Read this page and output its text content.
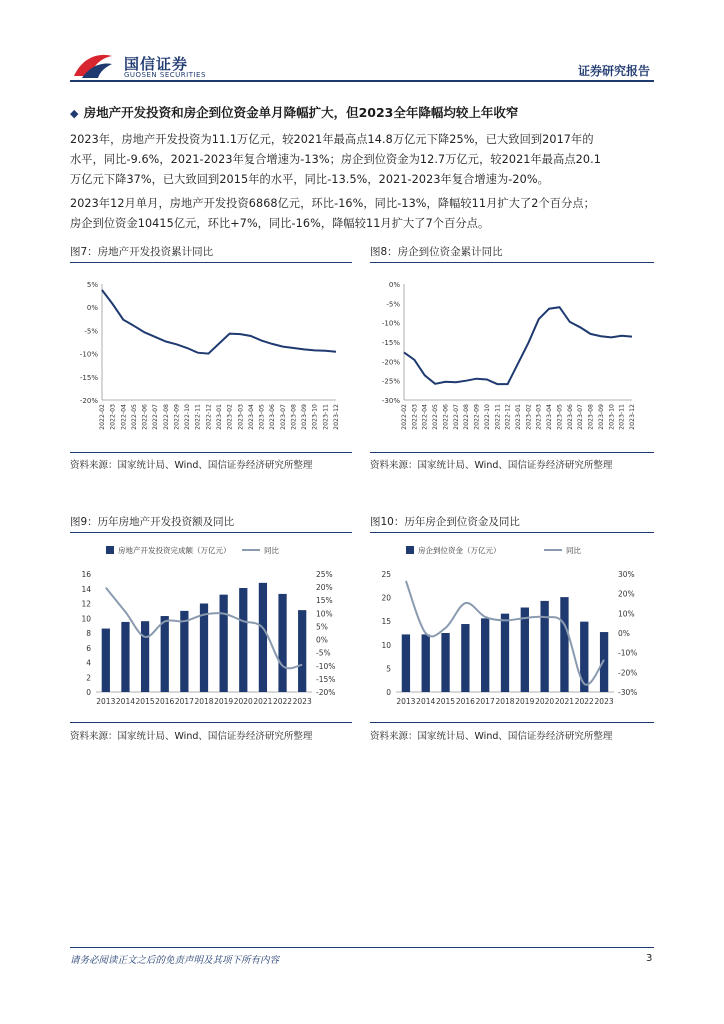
国信证券
GUOSEN SECURITIES	证券研究报告
◆ 房地产开发投资和房企到位资金单月降幅扩大，但2023全年降幅均较上年收窄
2023年，房地产开发投资为11.1万亿元，较2021年最高点14.8万亿元下降25%，已大致回到2017年的
水平，同比-9.6%，2021-2023年复合增速为-13%；房企到位资金为12.7万亿元，较2021年最高点20.1
万亿元下降37%，已大致回到2015年的水平，同比-13.5%，2021-2023年复合增速为-20%。
2023年12月单月，房地产开发投资6868亿元，环比-16%，同比-13%，降幅较11月扩大了2个百分点；
房企到位资金10415亿元，环比+7%，同比-16%，降幅较11月扩大了7个百分点。
图7：房地产开发投资累计同比
5%
0%
-5%
-10%
-15%
-20%
2022-02 2022-03 2022-04 2022-05 2022-06 2022-07 2022-08 2022-09 2022-10 2022-11 2022-12 2023-01 2023-02 2023-03 2023-04 2023-05 2023-06 2023-07 2023-08 2023-09 2023-10 2023-11 2023-12
资料来源：国家统计局、Wind、国信证券经济研究所整理
图8：房企到位资金累计同比
0%
-5%
-10%
-15%
-20%
-25%
-30%
2022-02 2022-03 2022-04 2022-05 2022-06 2022-07 2022-08 2022-09 2022-10 2022-11 2022-12 2023-01 2023-02 2023-03 2023-04 2023-05 2023-06 2023-07 2023-08 2023-09 2023-10 2023-11 2023-12
资料来源：国家统计局、Wind、国信证券经济研究所整理
图9：历年房地产开发投资额及同比
房地产开发投资完成额（万亿元）	同比
16
14
12
10
8
6
4
2
0
25%
20%
15%
10%
5%
0%
-5%
-10%
-15%
-20%
2013 2014 2015 2016 2017 2018 2019 2020 2021 2022 2023
资料来源：国家统计局、Wind、国信证券经济研究所整理
图10：历年房企到位资金及同比
房企到位资金（万亿元）	同比
25
20
15
10
5
0
30%
20%
10%
0%
-10%
-20%
-30%
2013 2014 2015 2016 2017 2018 2019 2020 2021 2022 2023
资料来源：国家统计局、Wind、国信证券经济研究所整理
请务必阅读正文之后的免责声明及其项下所有内容	3
